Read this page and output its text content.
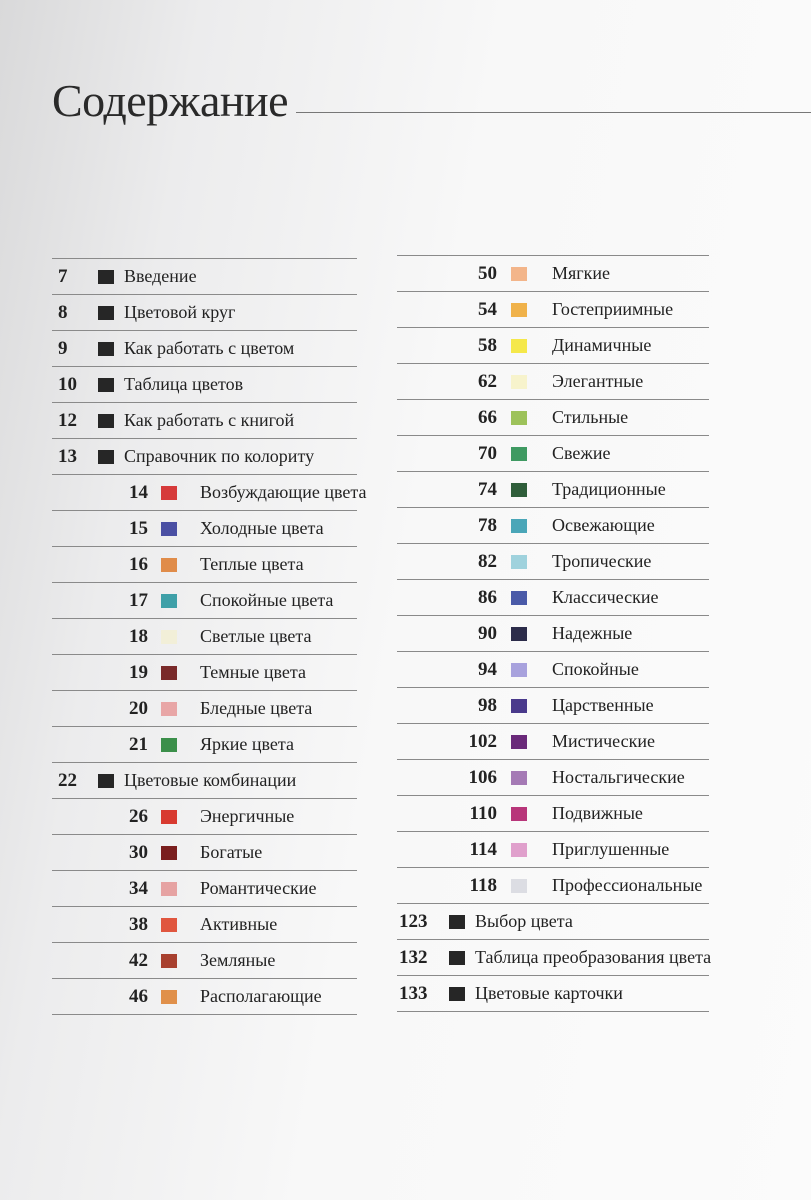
Содержание
7	Введение
8	Цветовой круг
9	Как работать с цветом
10	Таблица цветов
12	Как работать с книгой
13	Справочник по колориту
14	Возбуждающие цвета
15	Холодные цвета
16	Теплые цвета
17	Спокойные цвета
18	Светлые цвета
19	Темные цвета
20	Бледные цвета
21	Яркие цвета
22	Цветовые комбинации
26	Энергичные
30	Богатые
34	Романтические
38	Активные
42	Земляные
46	Располагающие
50	Мягкие
54	Гостеприимные
58	Динамичные
62	Элегантные
66	Стильные
70	Свежие
74	Традиционные
78	Освежающие
82	Тропические
86	Классические
90	Надежные
94	Спокойные
98	Царственные
102	Мистические
106	Ностальгические
110	Подвижные
114	Приглушенные
118	Профессиональные
123	Выбор цвета
132	Таблица преобразования цвета
133	Цветовые карточки
